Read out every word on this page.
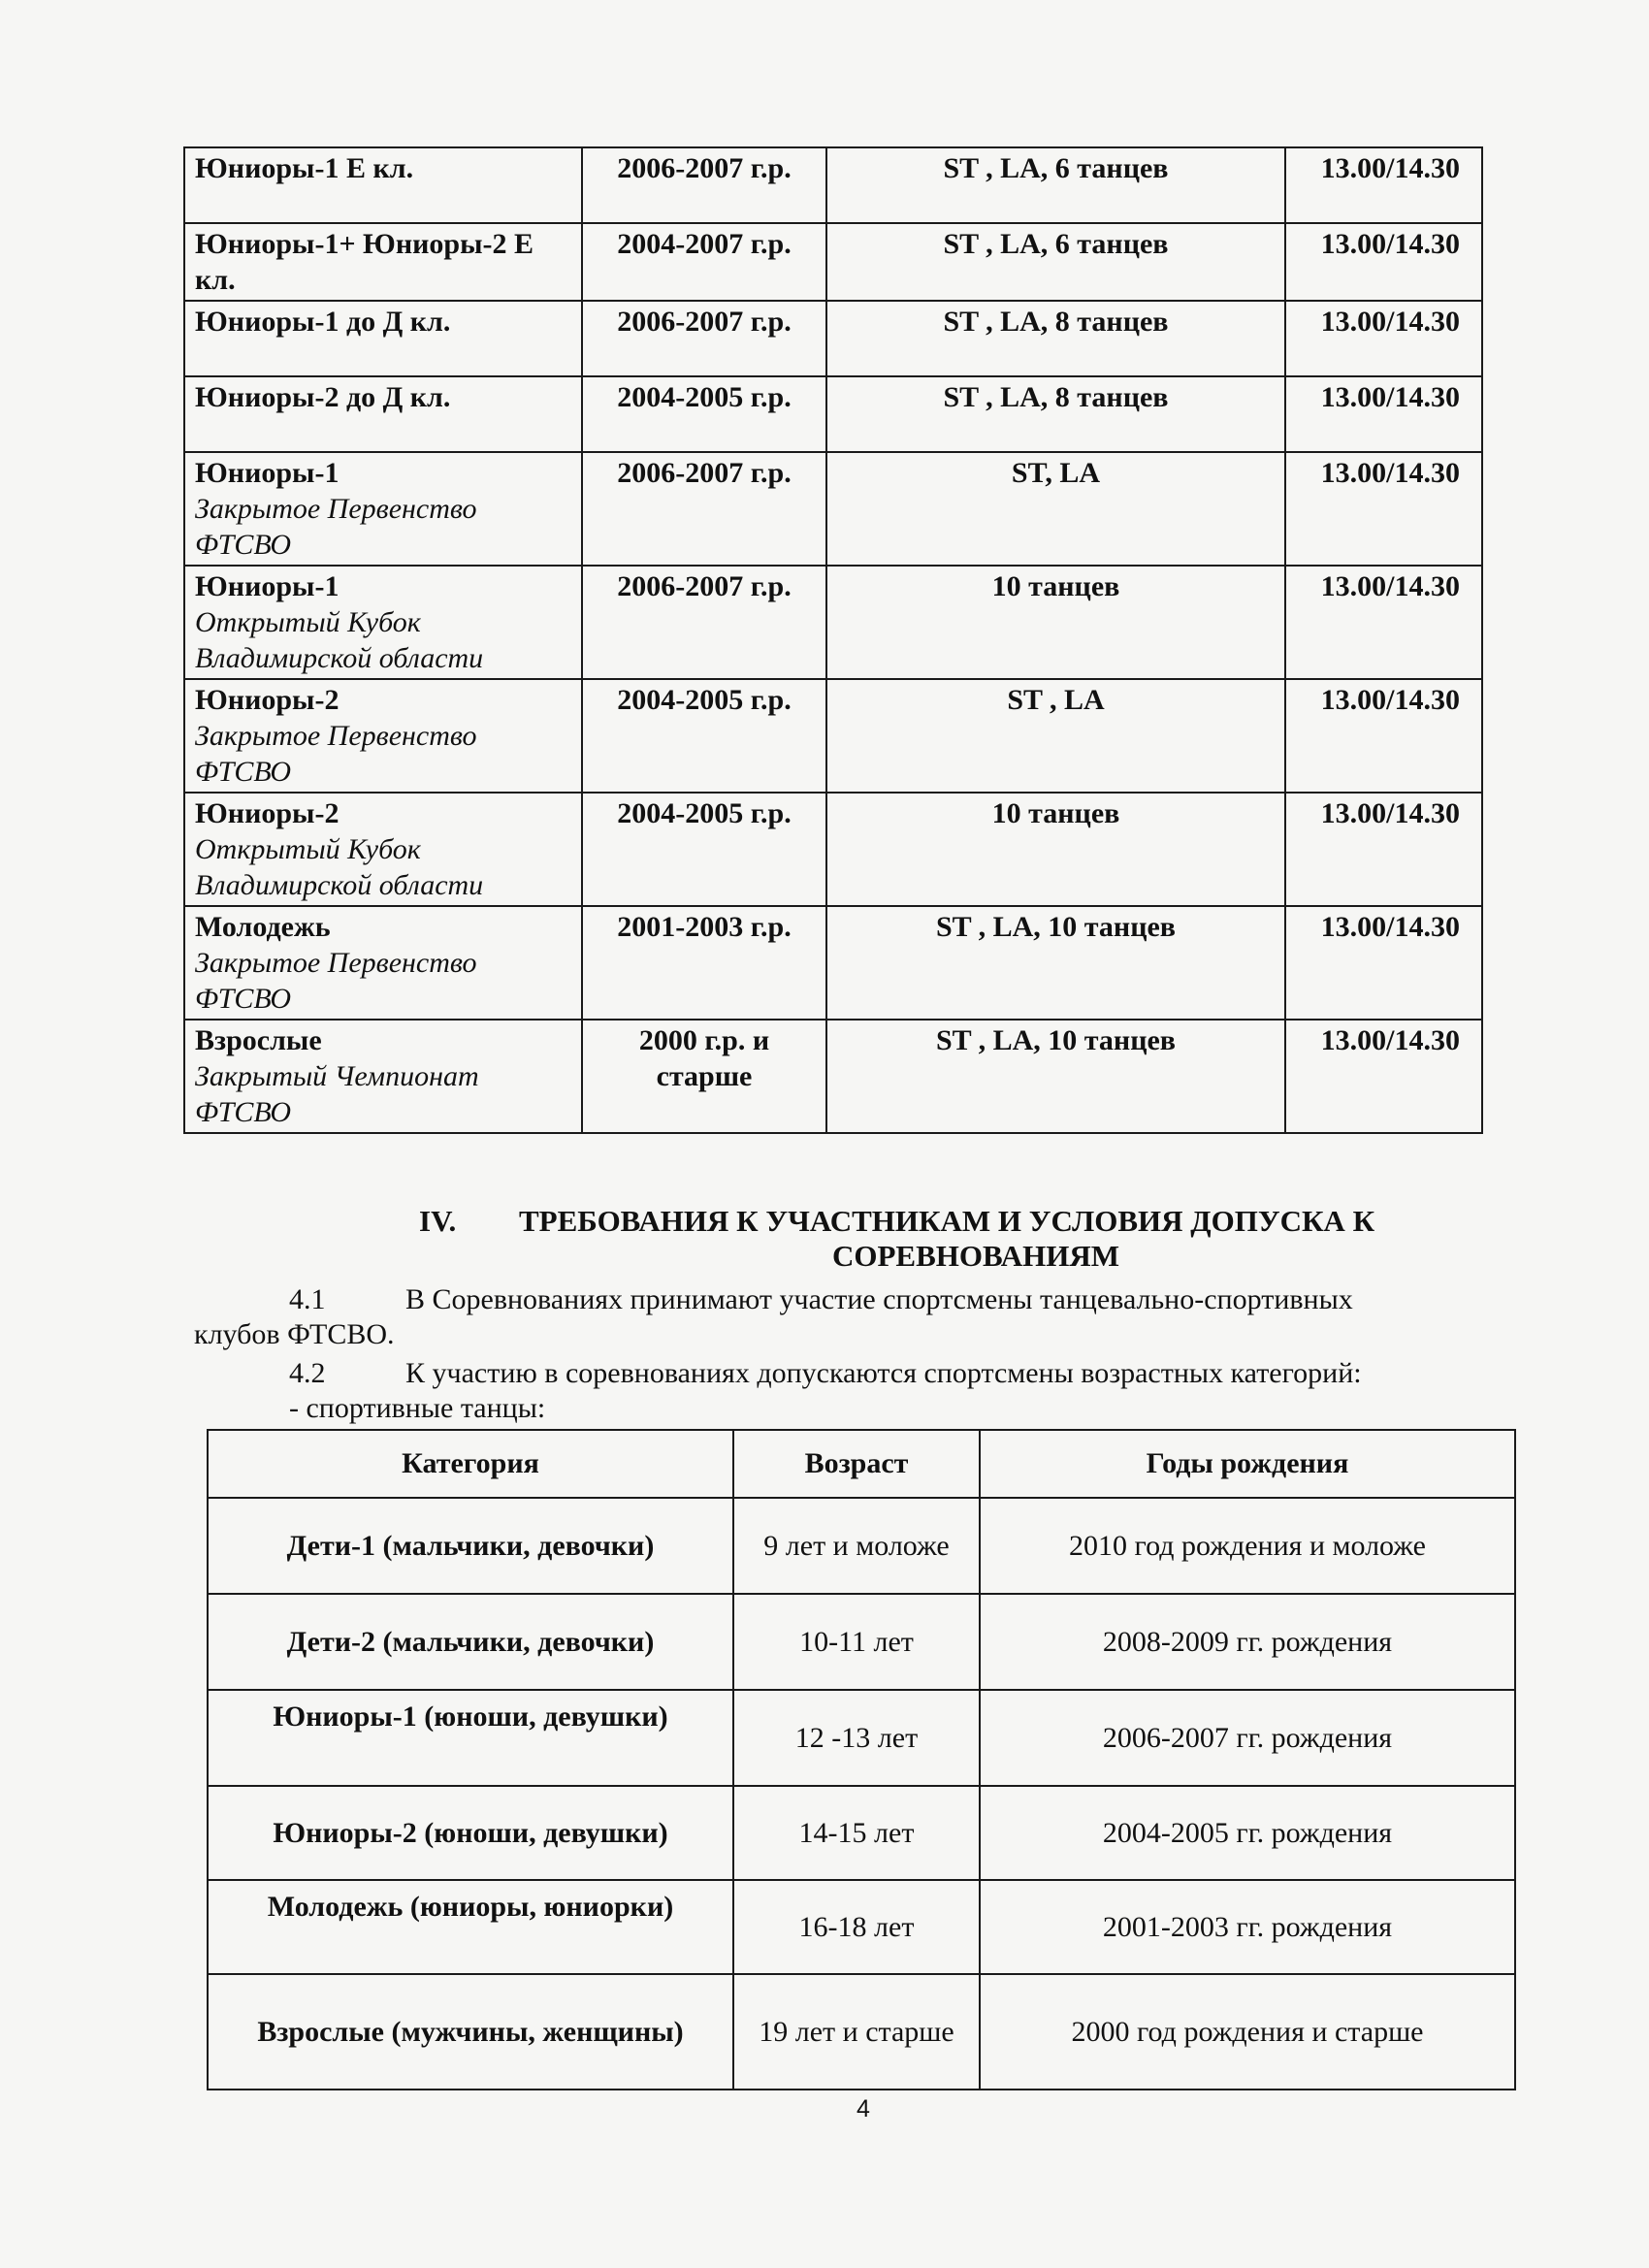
Юниоры-1 Е кл.	2006-2007 г.р.	ST , LA, 6 танцев	13.00/14.30
Юниоры-1+ Юниоры-2 Е кл.	2004-2007 г.р.	ST , LA, 6 танцев	13.00/14.30
Юниоры-1 до Д кл.	2006-2007 г.р.	ST , LA, 8 танцев	13.00/14.30
Юниоры-2 до Д кл.	2004-2005 г.р.	ST , LA, 8 танцев	13.00/14.30
Юниоры-1
Закрытое Первенство ФТСВО	2006-2007 г.р.	ST, LA	13.00/14.30
Юниоры-1
Открытый Кубок Владимирской области	2006-2007 г.р.	10 танцев	13.00/14.30
Юниоры-2
Закрытое Первенство ФТСВО	2004-2005 г.р.	ST , LA	13.00/14.30
Юниоры-2
Открытый Кубок Владимирской области	2004-2005 г.р.	10 танцев	13.00/14.30
Молодежь
Закрытое Первенство ФТСВО	2001-2003 г.р.	ST , LA, 10 танцев	13.00/14.30
Взрослые
Закрытый Чемпионат ФТСВО	2000 г.р. и старше	ST , LA, 10 танцев	13.00/14.30
IV. ТРЕБОВАНИЯ К УЧАСТНИКАМ И УСЛОВИЯ ДОПУСКА К
СОРЕВНОВАНИЯМ
4.1	В Соревнованиях принимают участие спортсмены танцевально-спортивных
клубов ФТСВО.
4.2	К участию в соревнованиях допускаются спортсмены возрастных категорий:
- спортивные танцы:
Категория	Возраст	Годы рождения
Дети-1 (мальчики, девочки)	9 лет и моложе	2010 год рождения и моложе
Дети-2 (мальчики, девочки)	10-11 лет	2008-2009 гг. рождения
Юниоры-1 (юноши, девушки)	12 -13 лет	2006-2007 гг. рождения
Юниоры-2 (юноши, девушки)	14-15 лет	2004-2005 гг. рождения
Молодежь (юниоры, юниорки)	16-18 лет	2001-2003 гг. рождения
Взрослые (мужчины, женщины)	19 лет и старше	2000 год рождения и старше
4
